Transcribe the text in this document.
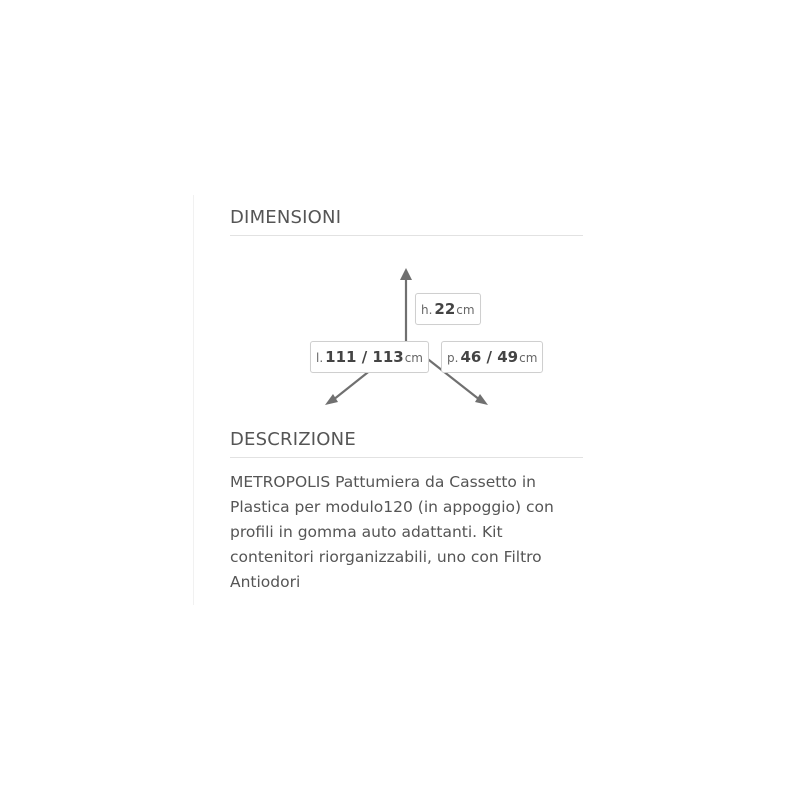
DIMENSIONI
h. 22cm
l. 111 / 113cm	p. 46 / 49cm
DESCRIZIONE

METROPOLIS Pattumiera da Cassetto in Plastica per modulo120 (in appoggio) con profili in gomma auto adattanti. Kit contenitori riorganizzabili, uno con Filtro Antiodori
